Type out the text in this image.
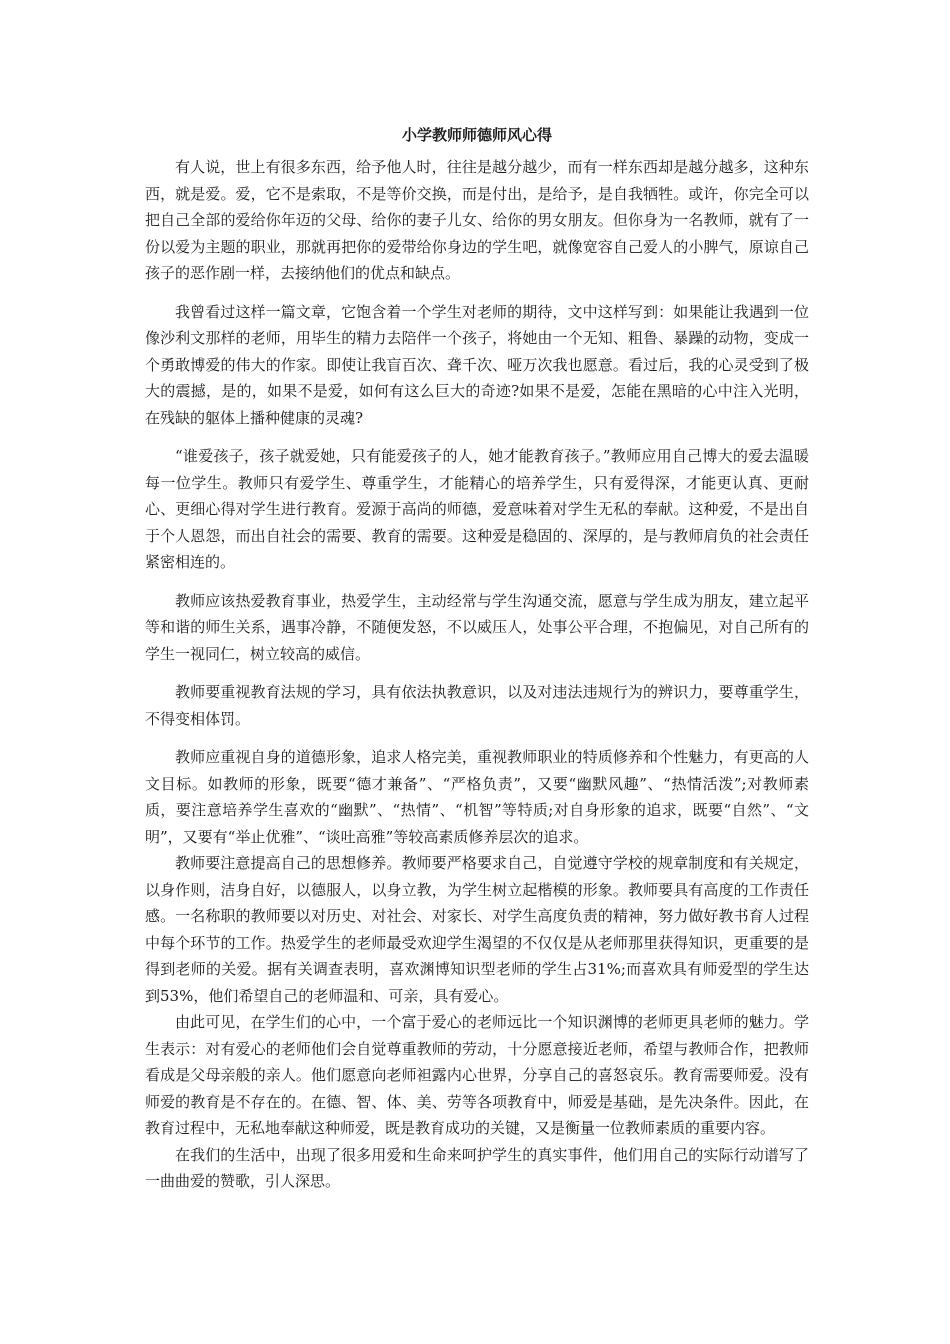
小学教师师德师风心得

有人说，世上有很多东西，给予他人时，往往是越分越少，而有一样东西却是越分越多，这种东西，就是爱。爱，它不是索取，不是等价交换，而是付出，是给予，是自我牺牲。或许，你完全可以把自己全部的爱给你年迈的父母、给你的妻子儿女、给你的男女朋友。但你身为一名教师，就有了一份以爱为主题的职业，那就再把你的爱带给你身边的学生吧，就像宽容自己爱人的小脾气，原谅自己孩子的恶作剧一样，去接纳他们的优点和缺点。

我曾看过这样一篇文章，它饱含着一个学生对老师的期待，文中这样写到：如果能让我遇到一位像沙利文那样的老师，用毕生的精力去陪伴一个孩子，将她由一个无知、粗鲁、暴躁的动物，变成一个勇敢博爱的伟大的作家。即使让我盲百次、聋千次、哑万次我也愿意。看过后，我的心灵受到了极大的震撼，是的，如果不是爱，如何有这么巨大的奇迹?如果不是爱，怎能在黑暗的心中注入光明，在残缺的躯体上播种健康的灵魂?

“谁爱孩子，孩子就爱她，只有能爱孩子的人，她才能教育孩子。”教师应用自己博大的爱去温暖每一位学生。教师只有爱学生、尊重学生，才能精心的培养学生，只有爱得深，才能更认真、更耐心、更细心得对学生进行教育。爱源于高尚的师德，爱意味着对学生无私的奉献。这种爱，不是出自于个人恩怨，而出自社会的需要、教育的需要。这种爱是稳固的、深厚的，是与教师肩负的社会责任紧密相连的。

教师应该热爱教育事业，热爱学生，主动经常与学生沟通交流，愿意与学生成为朋友，建立起平等和谐的师生关系，遇事冷静，不随便发怒，不以威压人，处事公平合理，不抱偏见，对自己所有的学生一视同仁，树立较高的威信。

教师要重视教育法规的学习，具有依法执教意识，以及对违法违规行为的辨识力，要尊重学生，不得变相体罚。

教师应重视自身的道德形象，追求人格完美，重视教师职业的特质修养和个性魅力，有更高的人文目标。如教师的形象，既要“德才兼备”、“严格负责”，又要“幽默风趣”、“热情活泼”;对教师素质，要注意培养学生喜欢的“幽默”、“热情”、“机智”等特质;对自身形象的追求，既要“自然”、“文明”，又要有“举止优雅”、“谈吐高雅”等较高素质修养层次的追求。

教师要注意提高自己的思想修养。教师要严格要求自己，自觉遵守学校的规章制度和有关规定，以身作则，洁身自好，以德服人，以身立教，为学生树立起楷模的形象。教师要具有高度的工作责任感。一名称职的教师要以对历史、对社会、对家长、对学生高度负责的精神，努力做好教书育人过程中每个环节的工作。热爱学生的老师最受欢迎学生渴望的不仅仅是从老师那里获得知识，更重要的是得到老师的关爱。据有关调查表明，喜欢渊博知识型老师的学生占31%;而喜欢具有师爱型的学生达到53%，他们希望自己的老师温和、可亲，具有爱心。

由此可见，在学生们的心中，一个富于爱心的老师远比一个知识渊博的老师更具老师的魅力。学生表示：对有爱心的老师他们会自觉尊重教师的劳动，十分愿意接近老师，希望与教师合作，把教师看成是父母亲般的亲人。他们愿意向老师袒露内心世界，分享自己的喜怒哀乐。教育需要师爱。没有师爱的教育是不存在的。在德、智、体、美、劳等各项教育中，师爱是基础，是先决条件。因此，在教育过程中，无私地奉献这种师爱，既是教育成功的关键，又是衡量一位教师素质的重要内容。

在我们的生活中，出现了很多用爱和生命来呵护学生的真实事件，他们用自己的实际行动谱写了一曲曲爱的赞歌，引人深思。
